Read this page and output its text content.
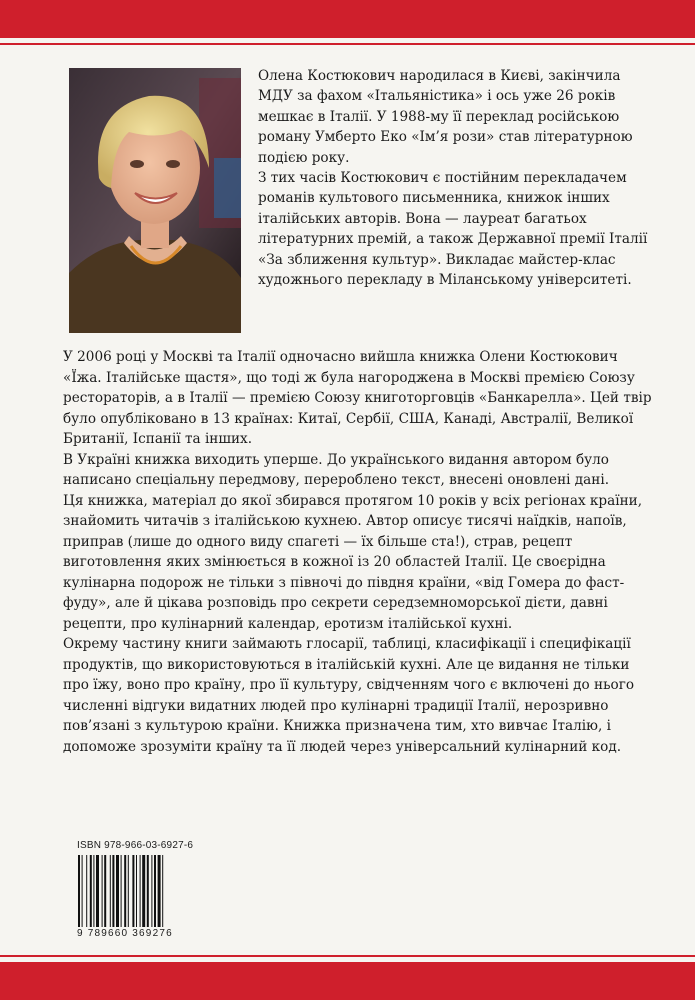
Олена Костюкович народилася в Києві, закінчила МДУ за фахом «Італьяністика» і ось уже 26 років мешкає в Італії. У 1988-му її переклад російською роману Умберто Еко «Ім’я рози» став літературною подією року.

З тих часів Костюкович є постійним перекладачем романів культового письменника, книжок інших італійських авторів. Вона — лауреат багатьох літературних премій, а також Державної премії Італії «За зближення культур». Викладає майстер-клас художнього перекладу в Міланському університеті.

У 2006 році у Москві та Італії одночасно вийшла книжка Олени Костюкович «Їжа. Італійське щастя», що тоді ж була нагороджена в Москві премією Союзу рестораторів, а в Італії — премією Союзу книготорговців «Банкарелла». Цей твір було опубліковано в 13 країнах: Китаї, Сербії, США, Канаді, Австралії, Великої Британії, Іспанії та інших.

В Україні книжка виходить уперше. До українського видання автором було написано спеціальну передмову, перероблено текст, внесені оновлені дані.

Ця книжка, матеріал до якої збирався протягом 10 років у всіх регіонах країни, знайомить читачів з італійською кухнею. Автор описує тисячі наїдків, напоїв, приправ (лише до одного виду спагеті — їх більше ста!), страв, рецепт виготовлення яких змінюється в кожної із 20 областей Італії. Це своєрідна кулінарна подорож не тільки з півночі до півдня країни, «від Гомера до фаст-фуду», але й цікава розповідь про секрети середземноморської дієти, давні рецепти, про кулінарний календар, еротизм італійської кухні.

Окрему частину книги займають глосарії, таблиці, класифікації і специфікації продуктів, що використовуються в італійській кухні. Але це видання не тільки про їжу, воно про країну, про її культуру, свідченням чого є включені до нього численні відгуки видатних людей про кулінарні традиції Італії, нерозривно пов’язані з культурою країни. Книжка призначена тим, хто вивчає Італію, і допоможе зрозуміти країну та її людей через універсальний кулінарний код.

ISBN 978-966-03-6927-6
9 789660 369276
